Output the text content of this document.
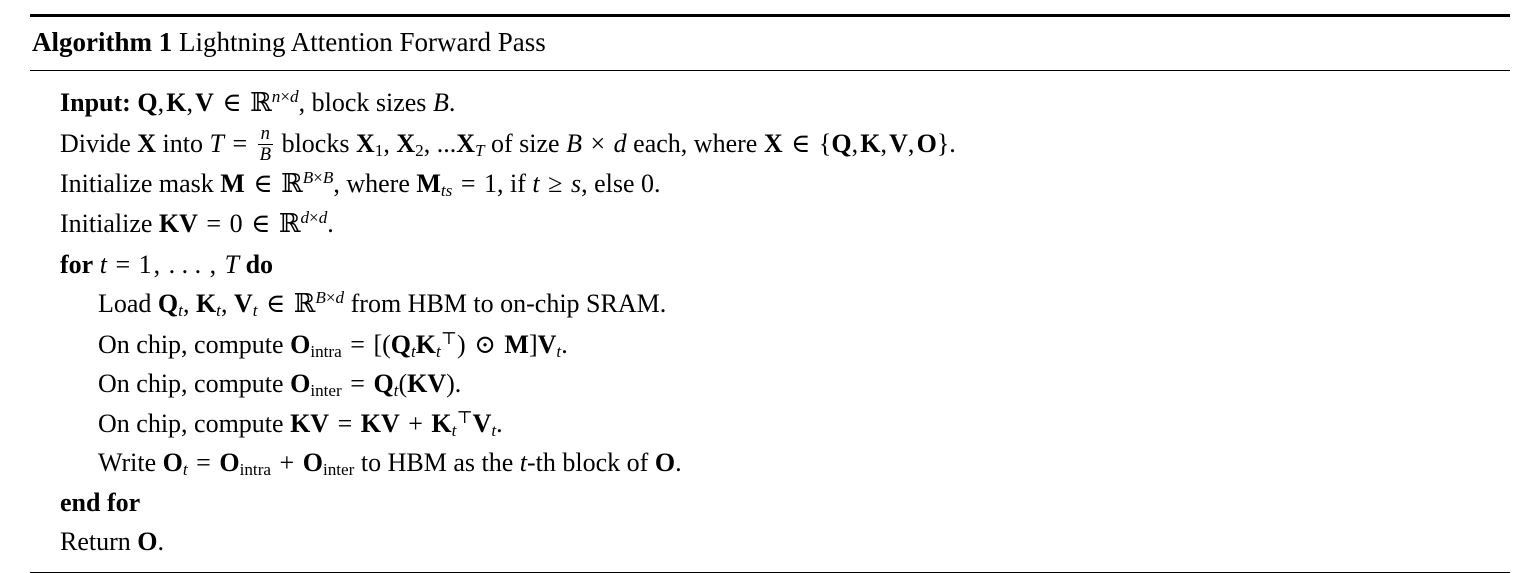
Algorithm 1 Lightning Attention Forward Pass
Input: Q, K, V ∈ ℝ$^{n\times d}$, block sizes B.
Divide X into $T = \frac{n}{B}$ blocks $X_1$, $X_2$, $...X_T$ of size B × d each, where X ∈ {Q, K, V, O}.
Initialize mask M ∈ ℝ$^{B\times B}$, where $M_{ts} = 1$, if t ≥ s, else 0.
Initialize KV = 0 ∈ ℝ$^{d\times d}$.
for t = 1, . . . , T do
Load $Q_t$, $K_t$, $V_t$ ∈ ℝ$^{B\times d}$ from HBM to on-chip SRAM.
On chip, compute $O_{intra} = [(Q_tK_t^⊤)$ ⊙ $M]V_t$.
On chip, compute $O_{inter} = Q_t(KV)$.
On chip, compute KV = KV + $K_t^⊤V_t$.
Write $O_t = O_{intra} + O_{inter}$ to HBM as the t-th block of O.
end for
Return O.
